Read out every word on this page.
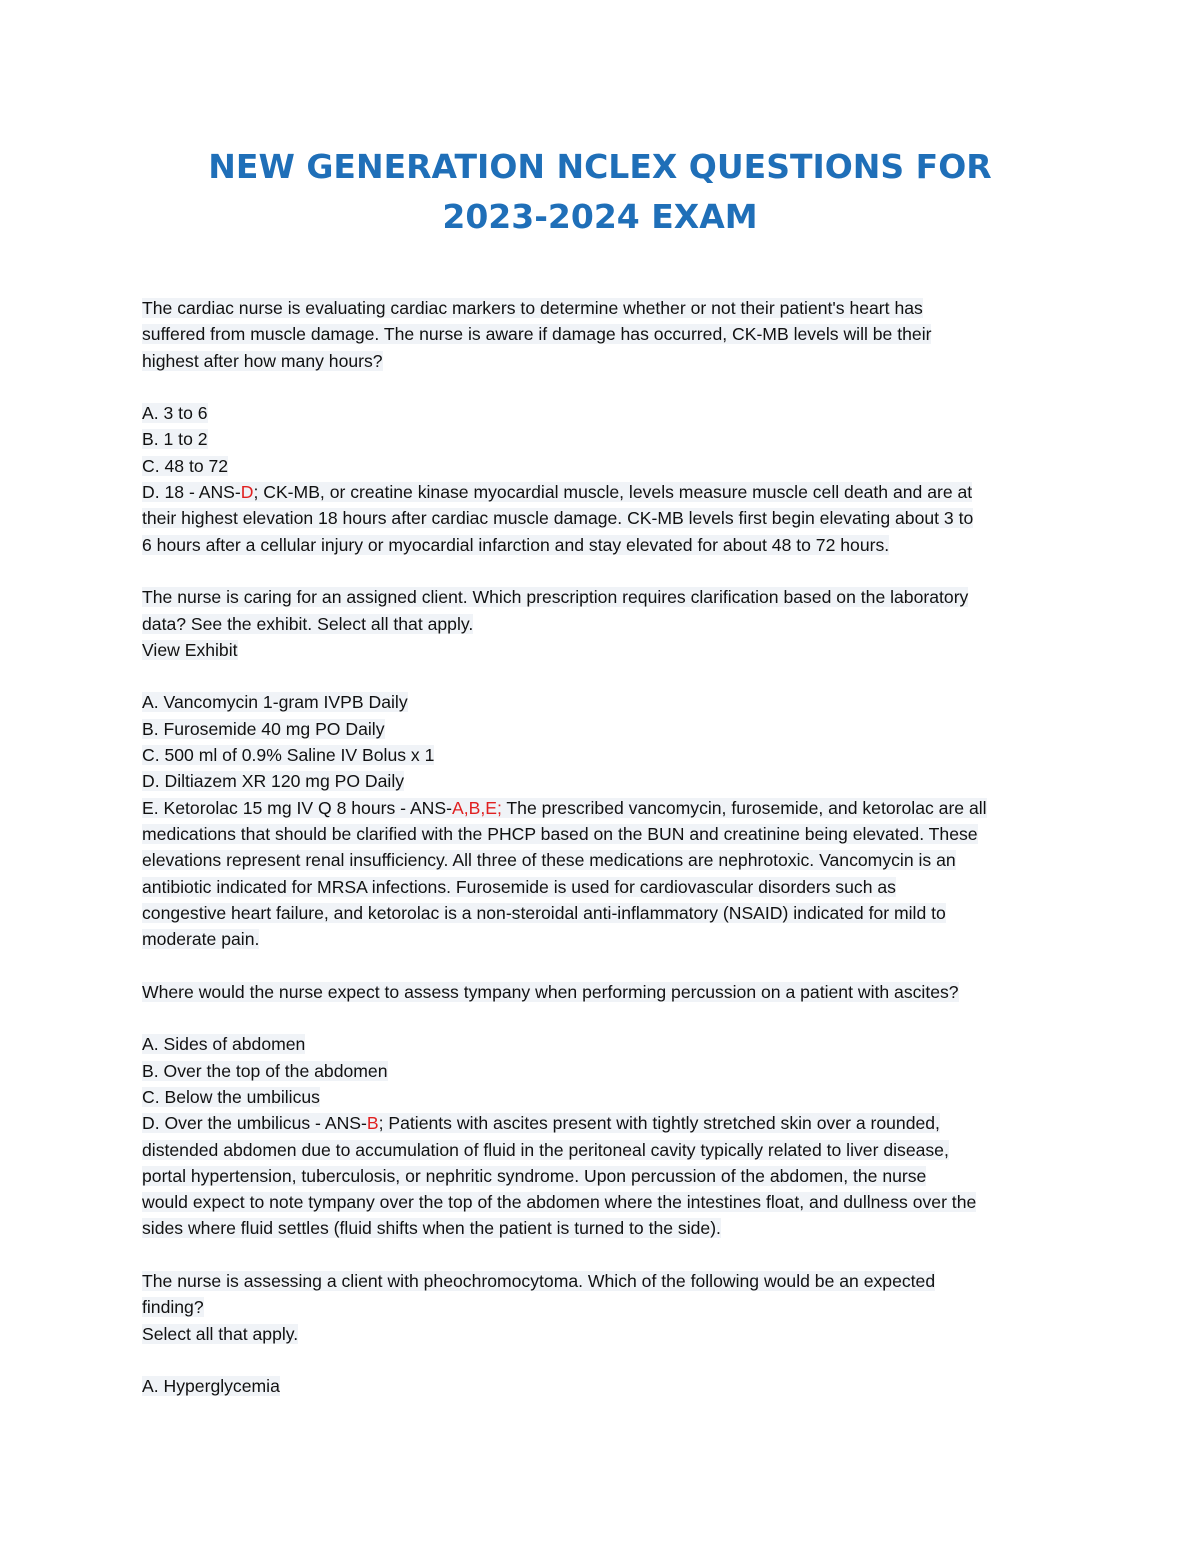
NEW GENERATION NCLEX QUESTIONS FOR
2023-2024 EXAM
The cardiac nurse is evaluating cardiac markers to determine whether or not their patient's heart has
suffered from muscle damage. The nurse is aware if damage has occurred, CK-MB levels will be their
highest after how many hours?
A. 3 to 6
B. 1 to 2
C. 48 to 72
D. 18 - ANS-D; CK-MB, or creatine kinase myocardial muscle, levels measure muscle cell death and are at
their highest elevation 18 hours after cardiac muscle damage. CK-MB levels first begin elevating about 3 to
6 hours after a cellular injury or myocardial infarction and stay elevated for about 48 to 72 hours.
The nurse is caring for an assigned client. Which prescription requires clarification based on the laboratory
data? See the exhibit. Select all that apply.
View Exhibit
A. Vancomycin 1-gram IVPB Daily
B. Furosemide 40 mg PO Daily
C. 500 ml of 0.9% Saline IV Bolus x 1
D. Diltiazem XR 120 mg PO Daily
E. Ketorolac 15 mg IV Q 8 hours - ANS-A,B,E; The prescribed vancomycin, furosemide, and ketorolac are all
medications that should be clarified with the PHCP based on the BUN and creatinine being elevated. These
elevations represent renal insufficiency. All three of these medications are nephrotoxic. Vancomycin is an
antibiotic indicated for MRSA infections. Furosemide is used for cardiovascular disorders such as
congestive heart failure, and ketorolac is a non-steroidal anti-inflammatory (NSAID) indicated for mild to
moderate pain.
Where would the nurse expect to assess tympany when performing percussion on a patient with ascites?
A. Sides of abdomen
B. Over the top of the abdomen
C. Below the umbilicus
D. Over the umbilicus - ANS-B; Patients with ascites present with tightly stretched skin over a rounded,
distended abdomen due to accumulation of fluid in the peritoneal cavity typically related to liver disease,
portal hypertension, tuberculosis, or nephritic syndrome. Upon percussion of the abdomen, the nurse
would expect to note tympany over the top of the abdomen where the intestines float, and dullness over the
sides where fluid settles (fluid shifts when the patient is turned to the side).
The nurse is assessing a client with pheochromocytoma. Which of the following would be an expected
finding?
Select all that apply.
A. Hyperglycemia
